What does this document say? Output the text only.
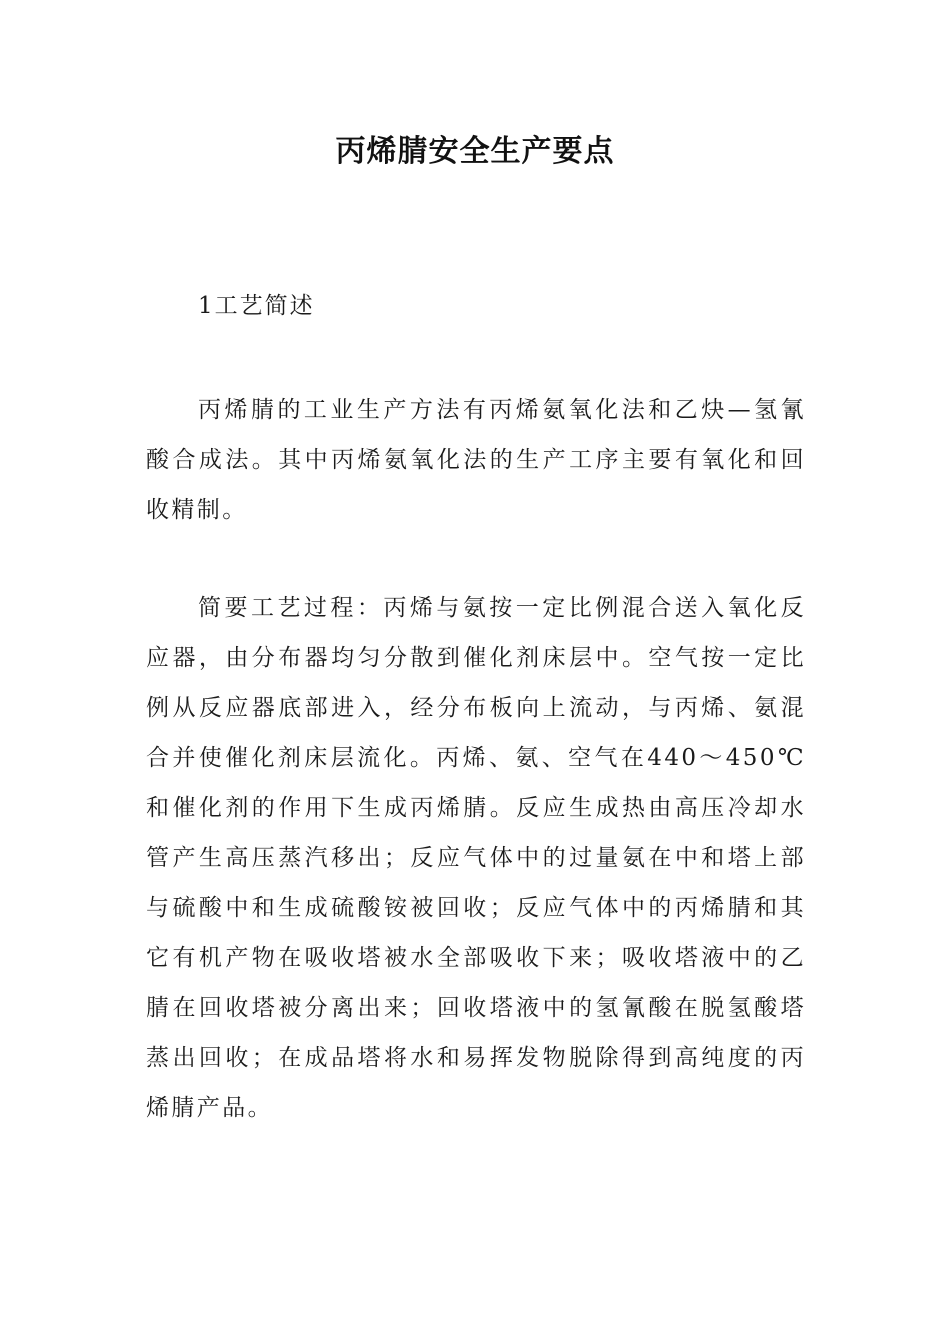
丙烯腈安全生产要点
1工艺简述

丙烯腈的工业生产方法有丙烯氨氧化法和乙炔—氢氰酸合成法。其中丙烯氨氧化法的生产工序主要有氧化和回收精制。

简要工艺过程：丙烯与氨按一定比例混合送入氧化反应器，由分布器均匀分散到催化剂床层中。空气按一定比例从反应器底部进入，经分布板向上流动，与丙烯、氨混合并使催化剂床层流化。丙烯、氨、空气在440～450℃和催化剂的作用下生成丙烯腈。反应生成热由高压冷却水管产生高压蒸汽移出；反应气体中的过量氨在中和塔上部与硫酸中和生成硫酸铵被回收；反应气体中的丙烯腈和其它有机产物在吸收塔被水全部吸收下来；吸收塔液中的乙腈在回收塔被分离出来；回收塔液中的氢氰酸在脱氢酸塔蒸出回收；在成品塔将水和易挥发物脱除得到高纯度的丙烯腈产品。
